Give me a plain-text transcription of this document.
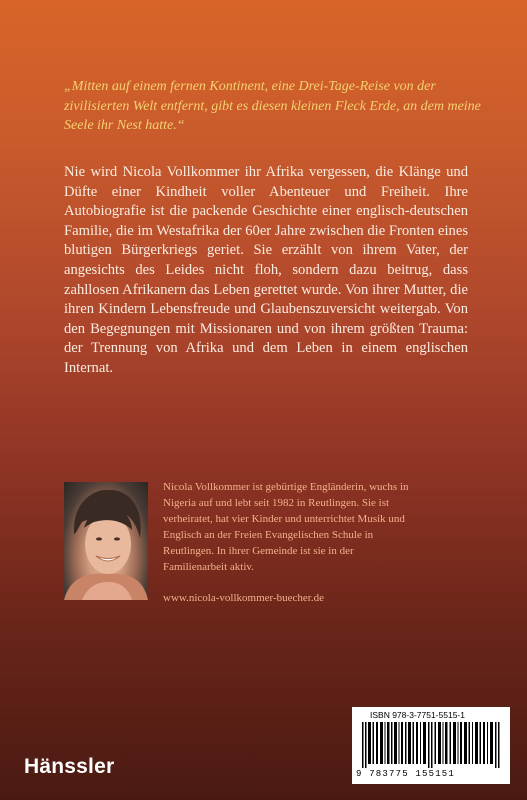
„Mitten auf einem fernen Kontinent, eine Drei-Tage-Reise von der zivilisierten Welt entfernt, gibt es diesen kleinen Fleck Erde, an dem meine Seele ihr Nest hatte.“

Nie wird Nicola Vollkommer ihr Afrika vergessen, die Klänge und Düfte einer Kindheit voller Abenteuer und Freiheit. Ihre Autobiografie ist die packende Geschichte einer englisch-deutschen Familie, die im Westafrika der 60er Jahre zwischen die Fronten eines blutigen Bürgerkriegs geriet. Sie erzählt von ihrem Vater, der angesichts des Leides nicht floh, sondern dazu beitrug, dass zahllosen Afrikanern das Leben gerettet wurde. Von ihrer Mutter, die ihren Kindern Lebensfreude und Glaubenszuversicht weitergab. Von den Begegnungen mit Missionaren und von ihrem größten Trauma: der Trennung von Afrika und dem Leben in einem englischen Internat.

Nicola Vollkommer ist gebürtige Engländerin, wuchs in Nigeria auf und lebt seit 1982 in Reutlingen. Sie ist verheiratet, hat vier Kinder und unterrichtet Musik und Englisch an der Freien Evangelischen Schule in Reutlingen. In ihrer Gemeinde ist sie in der Familienarbeit aktiv.

www.nicola-vollkommer-buecher.de
Hänssler
ISBN 978-3-7751-5515-1
9 783775 155151
